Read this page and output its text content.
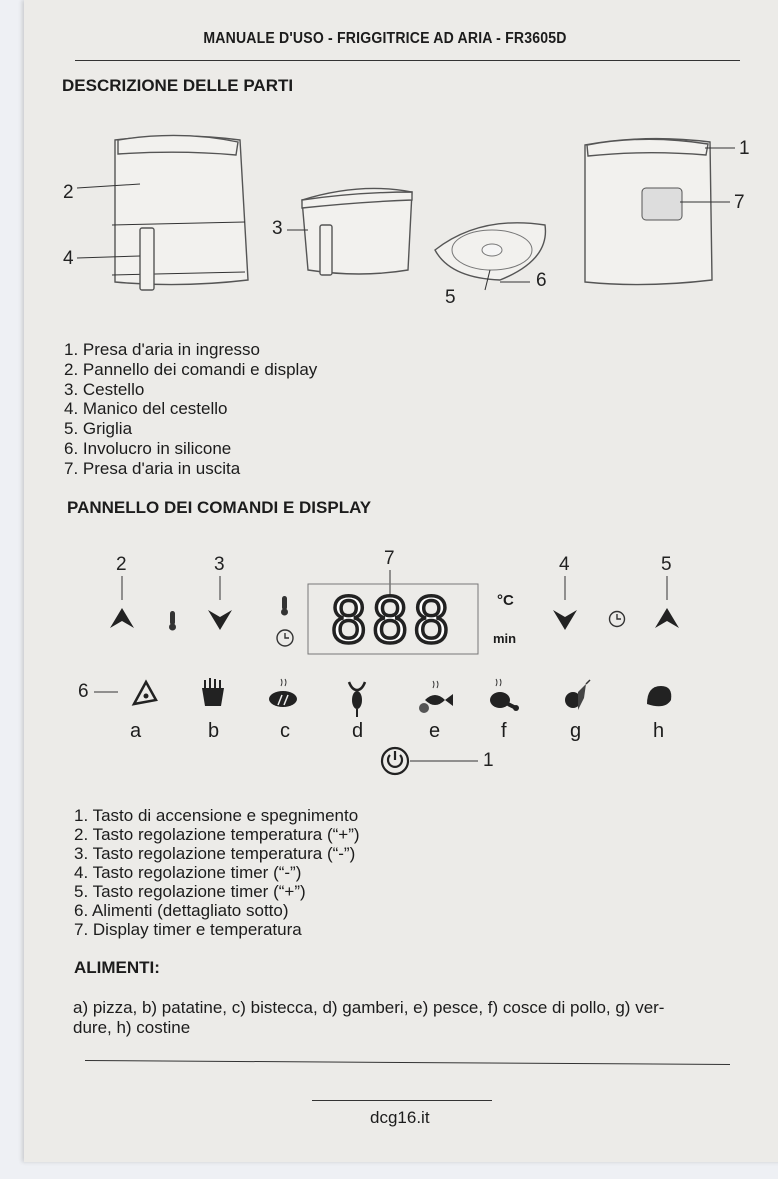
MANUALE D'USO - FRIGGITRICE AD ARIA - FR3605D
DESCRIZIONE DELLE PARTI
2
4
3
5
6
1
7
1. Presa d'aria in ingresso
2. Pannello dei comandi e display
3. Cestello
4. Manico del cestello
5. Griglia
6. Involucro in silicone
7. Presa d'aria in uscita
PANNELLO DEI COMANDI E DISPLAY
888
2	3	7	4	5
6
1
°C
min
a	b	c	d	e	f	g	h
1. Tasto di accensione e spegnimento
2. Tasto regolazione temperatura (“+”)
3. Tasto regolazione temperatura (“-”)
4. Tasto regolazione timer (“-”)
5. Tasto regolazione timer (“+”)
6. Alimenti (dettagliato sotto)
7. Display timer e temperatura
ALIMENTI:
a) pizza, b) patatine, c) bistecca, d) gamberi, e) pesce, f) cosce di pollo, g) ver-
dure, h) costine
dcg16.it
